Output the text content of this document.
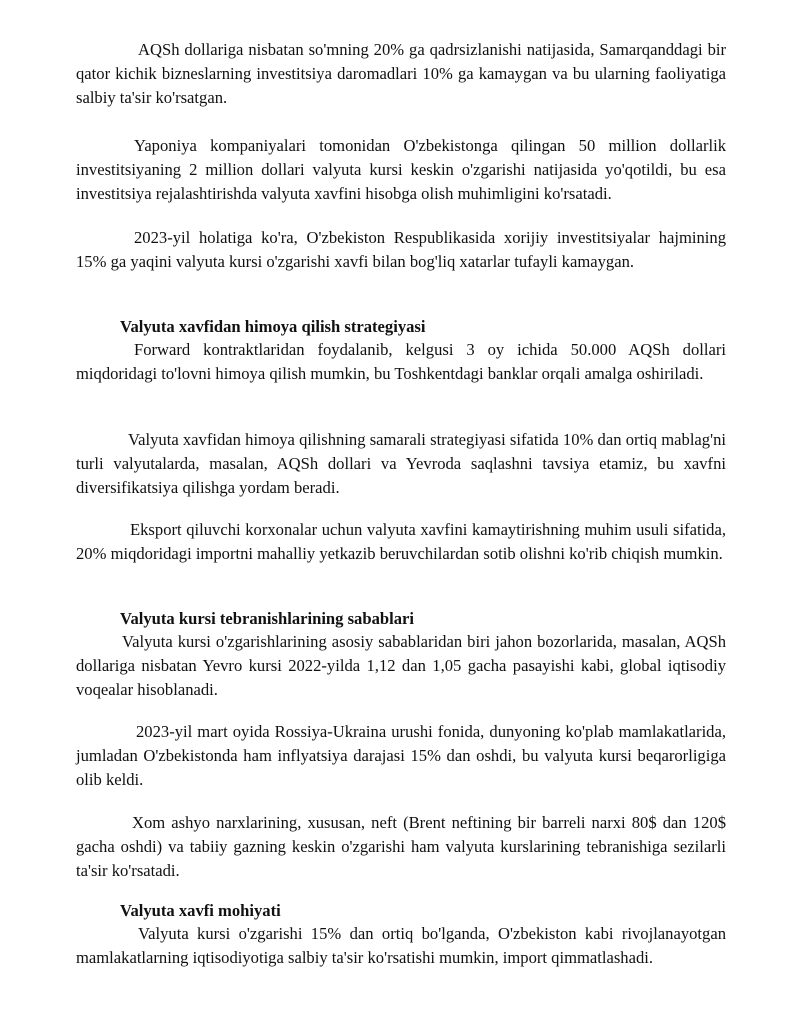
AQSh dollariga nisbatan so'mning 20% ga qadrsizlanishi natijasida, Samarqanddagi bir qator kichik bizneslarning investitsiya daromadlari 10% ga kamaygan va bu ularning faoliyatiga salbiy ta'sir ko'rsatgan.

Yaponiya kompaniyalari tomonidan O'zbekistonga qilingan 50 million dollarlik investitsiyaning 2 million dollari valyuta kursi keskin o'zgarishi natijasida yo'qotildi, bu esa investitsiya rejalashtirishda valyuta xavfini hisobga olish muhimligini ko'rsatadi.

2023-yil holatiga ko'ra, O'zbekiston Respublikasida xorijiy investitsiyalar hajmining 15% ga yaqini valyuta kursi o'zgarishi xavfi bilan bog'liq xatarlar tufayli kamaygan.

Valyuta xavfidan himoya qilish strategiyasi

Forward kontraktlaridan foydalanib, kelgusi 3 oy ichida 50.000 AQSh dollari miqdoridagi to'lovni himoya qilish mumkin, bu Toshkentdagi banklar orqali amalga oshiriladi.

Valyuta xavfidan himoya qilishning samarali strategiyasi sifatida 10% dan ortiq mablag'ni turli valyutalarda, masalan, AQSh dollari va Yevroda saqlashni tavsiya etamiz, bu xavfni diversifikatsiya qilishga yordam beradi.

Eksport qiluvchi korxonalar uchun valyuta xavfini kamaytirishning muhim usuli sifatida, 20% miqdoridagi importni mahalliy yetkazib beruvchilardan sotib olishni ko'rib chiqish mumkin.

Valyuta kursi tebranishlarining sabablari

Valyuta kursi o'zgarishlarining asosiy sabablaridan biri jahon bozorlarida, masalan, AQSh dollariga nisbatan Yevro kursi 2022-yilda 1,12 dan 1,05 gacha pasayishi kabi, global iqtisodiy voqealar hisoblanadi.

2023-yil mart oyida Rossiya-Ukraina urushi fonida, dunyoning ko'plab mamlakatlarida, jumladan O'zbekistonda ham inflyatsiya darajasi 15% dan oshdi, bu valyuta kursi beqarorligiga olib keldi.

Xom ashyo narxlarining, xususan, neft (Brent neftining bir barreli narxi 80$ dan 120$ gacha oshdi) va tabiiy gazning keskin o'zgarishi ham valyuta kurslarining tebranishiga sezilarli ta'sir ko'rsatadi.

Valyuta xavfi mohiyati

Valyuta kursi o'zgarishi 15% dan ortiq bo'lganda, O'zbekiston kabi rivojlanayotgan mamlakatlarning iqtisodiyotiga salbiy ta'sir ko'rsatishi mumkin, import qimmatlashadi.
